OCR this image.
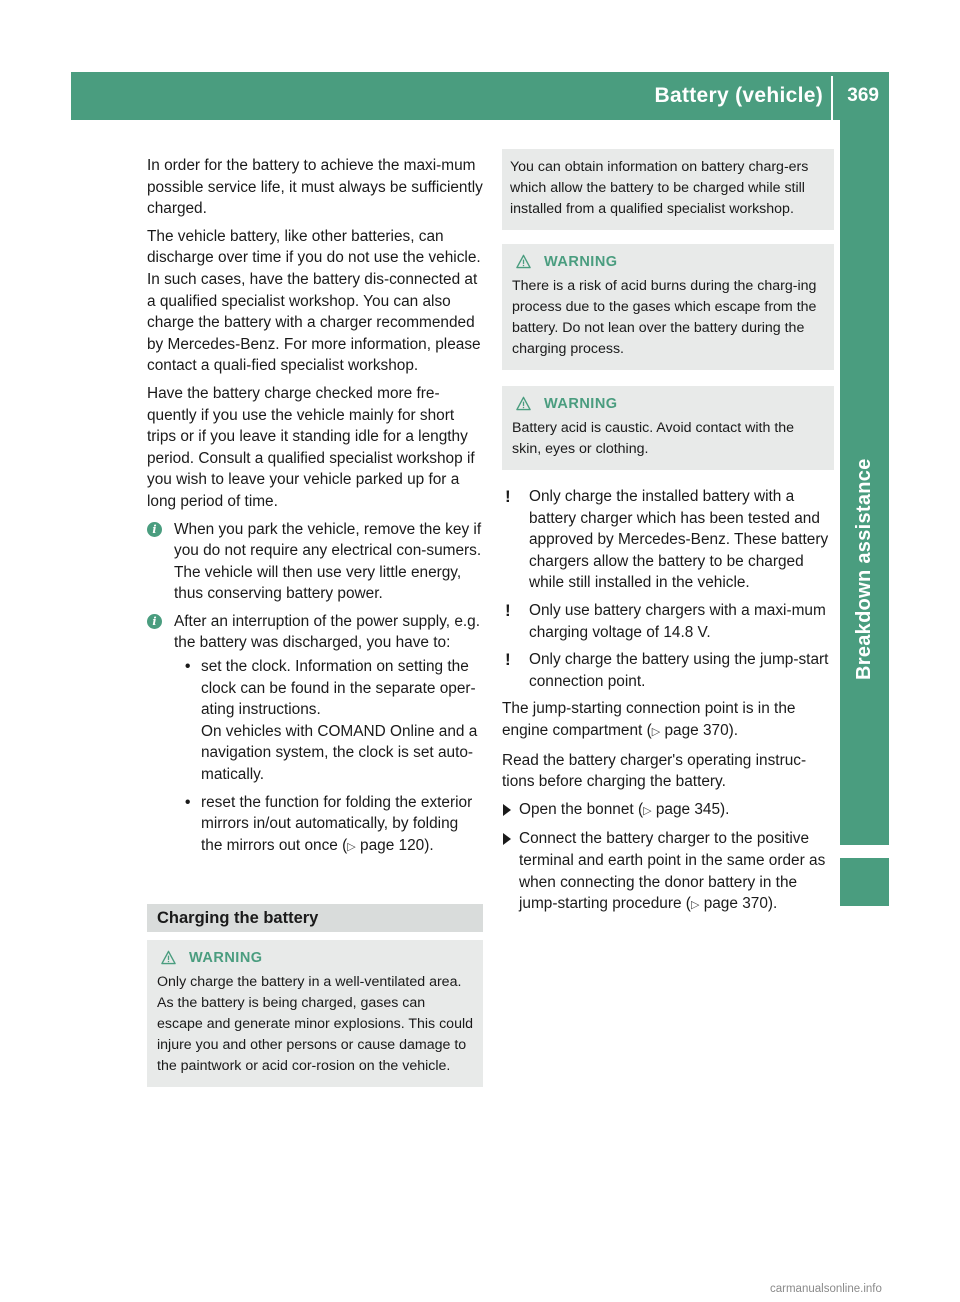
Battery (vehicle) 369
Breakdown assistance

In order for the battery to achieve the maxi-mum possible service life, it must always be sufficiently charged.

The vehicle battery, like other batteries, can discharge over time if you do not use the vehicle. In such cases, have the battery dis-connected at a qualified specialist workshop. You can also charge the battery with a charger recommended by Mercedes-Benz. For more information, please contact a quali-fied specialist workshop.

Have the battery charge checked more fre-quently if you use the vehicle mainly for short trips or if you leave it standing idle for a lengthy period. Consult a qualified specialist workshop if you wish to leave your vehicle parked up for a long period of time.

i	When you park the vehicle, remove the key if you do not require any electrical con-sumers. The vehicle will then use very little energy, thus conserving battery power.
i	After an interruption of the power supply, e.g. the battery was discharged, you have to:
• set the clock. Information on setting the clock can be found in the separate oper-ating instructions.
On vehicles with COMAND Online and a navigation system, the clock is set auto-matically.
• reset the function for folding the exterior mirrors in/out automatically, by folding the mirrors out once (▷ page 120).
Charging the battery
WARNING
Only charge the battery in a well-ventilated area. As the battery is being charged, gases can escape and generate minor explosions. This could injure you and other persons or cause damage to the paintwork or acid cor-rosion on the vehicle.
You can obtain information on battery charg-ers which allow the battery to be charged while still installed from a qualified specialist workshop.
WARNING
There is a risk of acid burns during the charg-ing process due to the gases which escape from the battery. Do not lean over the battery during the charging process.
WARNING
Battery acid is caustic. Avoid contact with the skin, eyes or clothing.
! Only charge the installed battery with a battery charger which has been tested and approved by Mercedes-Benz. These battery chargers allow the battery to be charged while still installed in the vehicle.
! Only use battery chargers with a maxi-mum charging voltage of 14.8 V.
! Only charge the battery using the jump-start connection point.

The jump-starting connection point is in the engine compartment (▷ page 370).

Read the battery charger's operating instruc-tions before charging the battery.

Open the bonnet (▷ page 345).
Connect the battery charger to the positive terminal and earth point in the same order as when connecting the donor battery in the jump-starting procedure (▷ page 370).
carmanualsonline.info
